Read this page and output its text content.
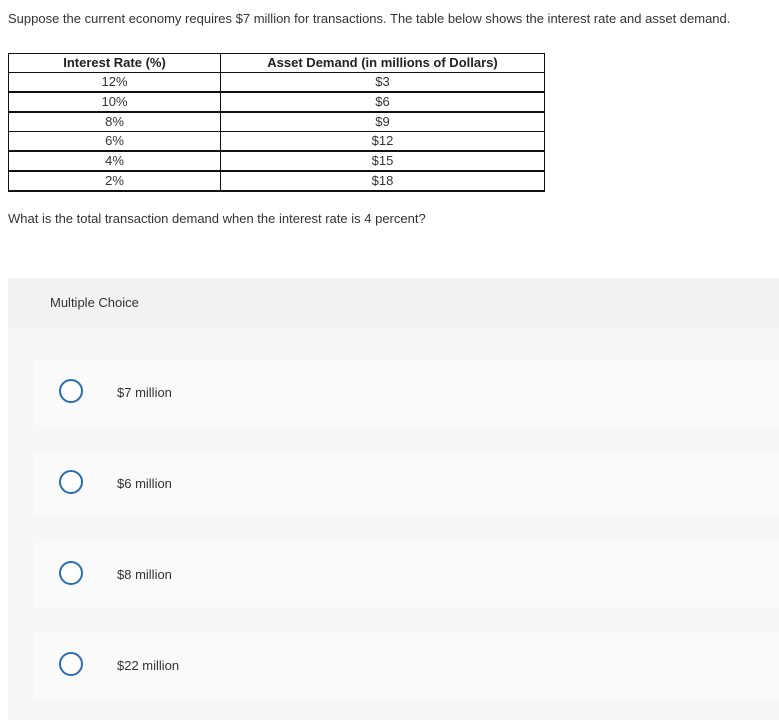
Suppose the current economy requires $7 million for transactions. The table below shows the interest rate and asset demand.
Interest Rate (%)	Asset Demand (in millions of Dollars)
12%	$3
10%	$6
8%	$9
6%	$12
4%	$15
2%	$18
What is the total transaction demand when the interest rate is 4 percent?
Multiple Choice
$7 million
$6 million
$8 million
$22 million
